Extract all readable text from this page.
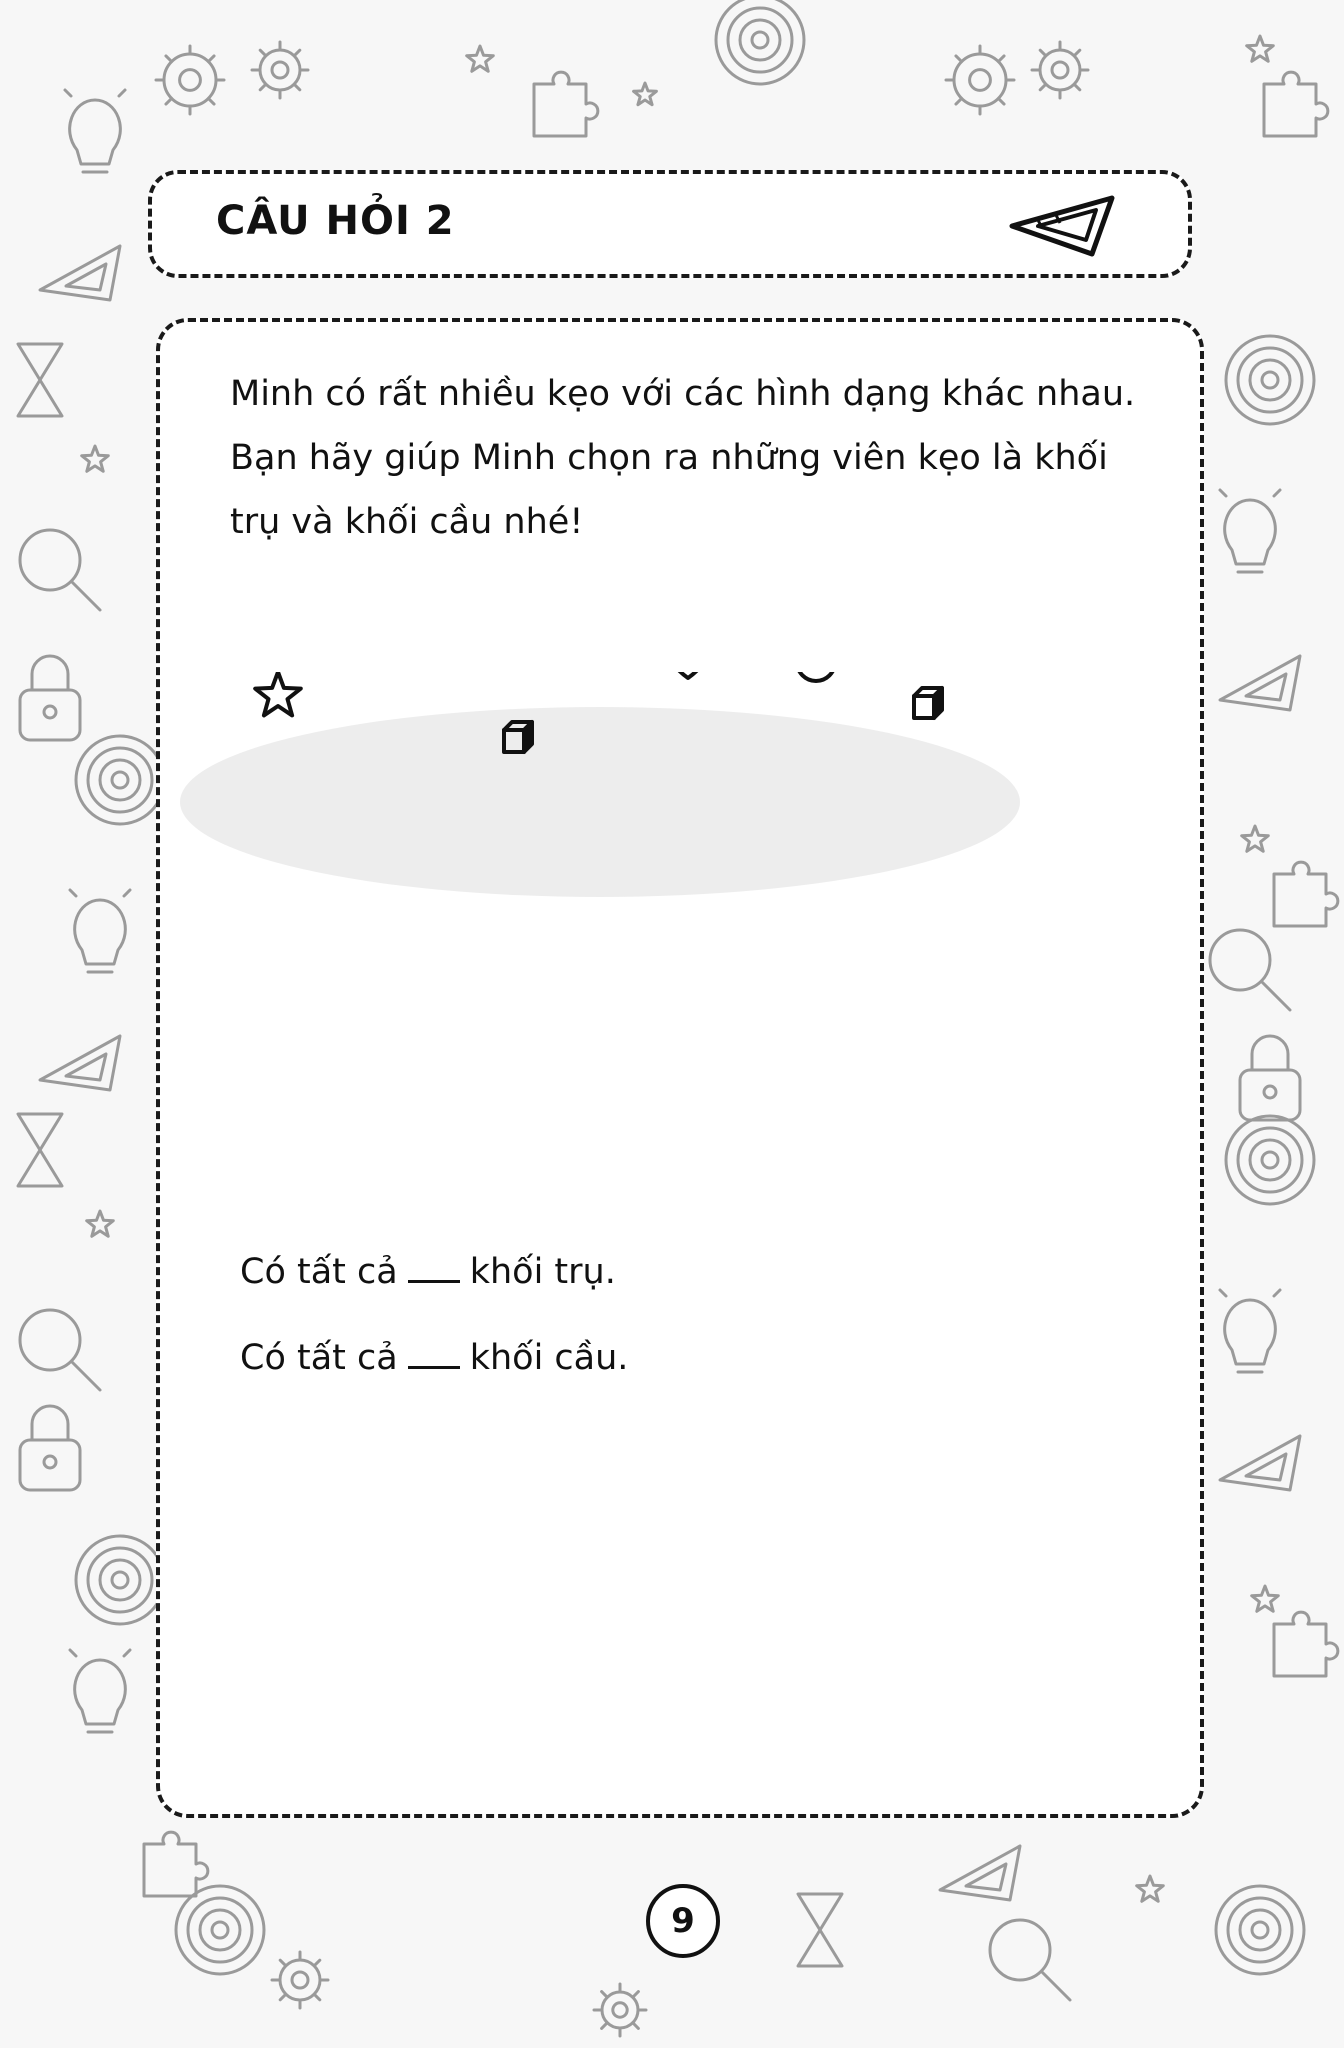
CÂU HỎI 2
Minh có rất nhiều kẹo với các hình dạng khác nhau.
Bạn hãy giúp Minh chọn ra những viên kẹo là khối
trụ và khối cầu nhé!
Có tất cả khối trụ.
Có tất cả khối cầu.
9
